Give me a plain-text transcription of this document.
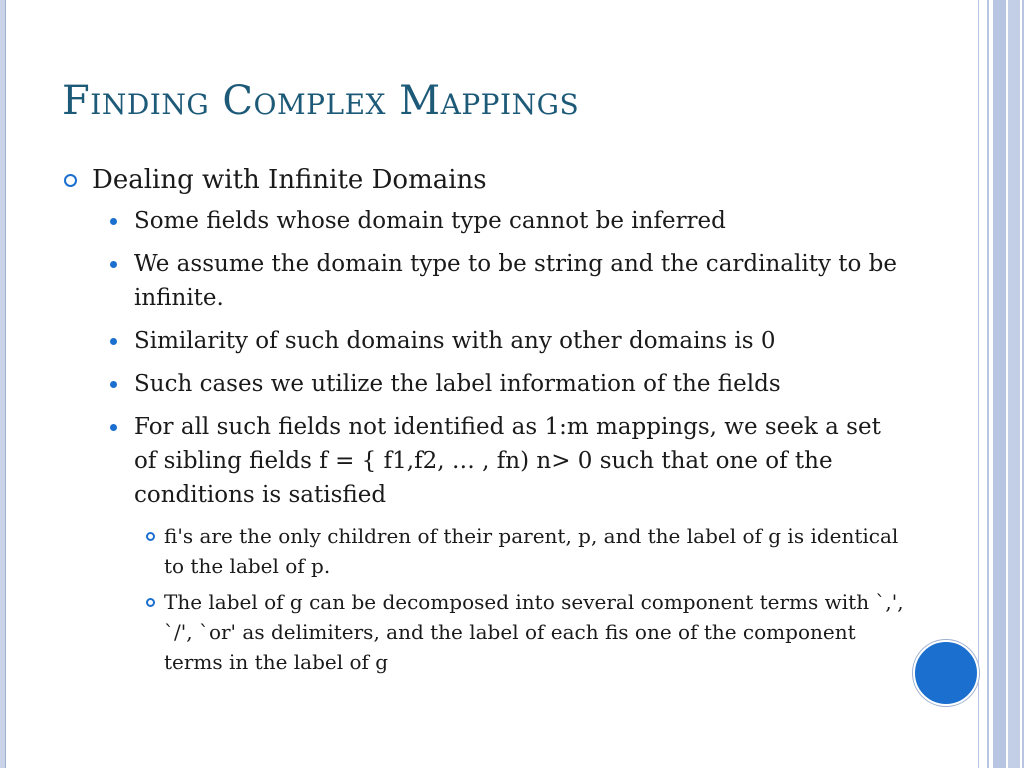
Finding Complex Mappings
Dealing with Infinite Domains
Some fields whose domain type cannot be inferred
We assume the domain type to be string and the cardinality to be infinite.
Similarity of such domains with any other domains is 0
Such cases we utilize the label information of the fields
For all such fields not identified as 1:m mappings, we seek a set of sibling fields f = { f1,f2, … , fn) n> 0 such that one of the conditions is satisfied
fi's are the only children of their parent, p, and the label of g is identical to the label of p.
The label of g can be decomposed into several component terms with `,', `/', `or' as delimiters, and the label of each fis one of the component terms in the label of g
